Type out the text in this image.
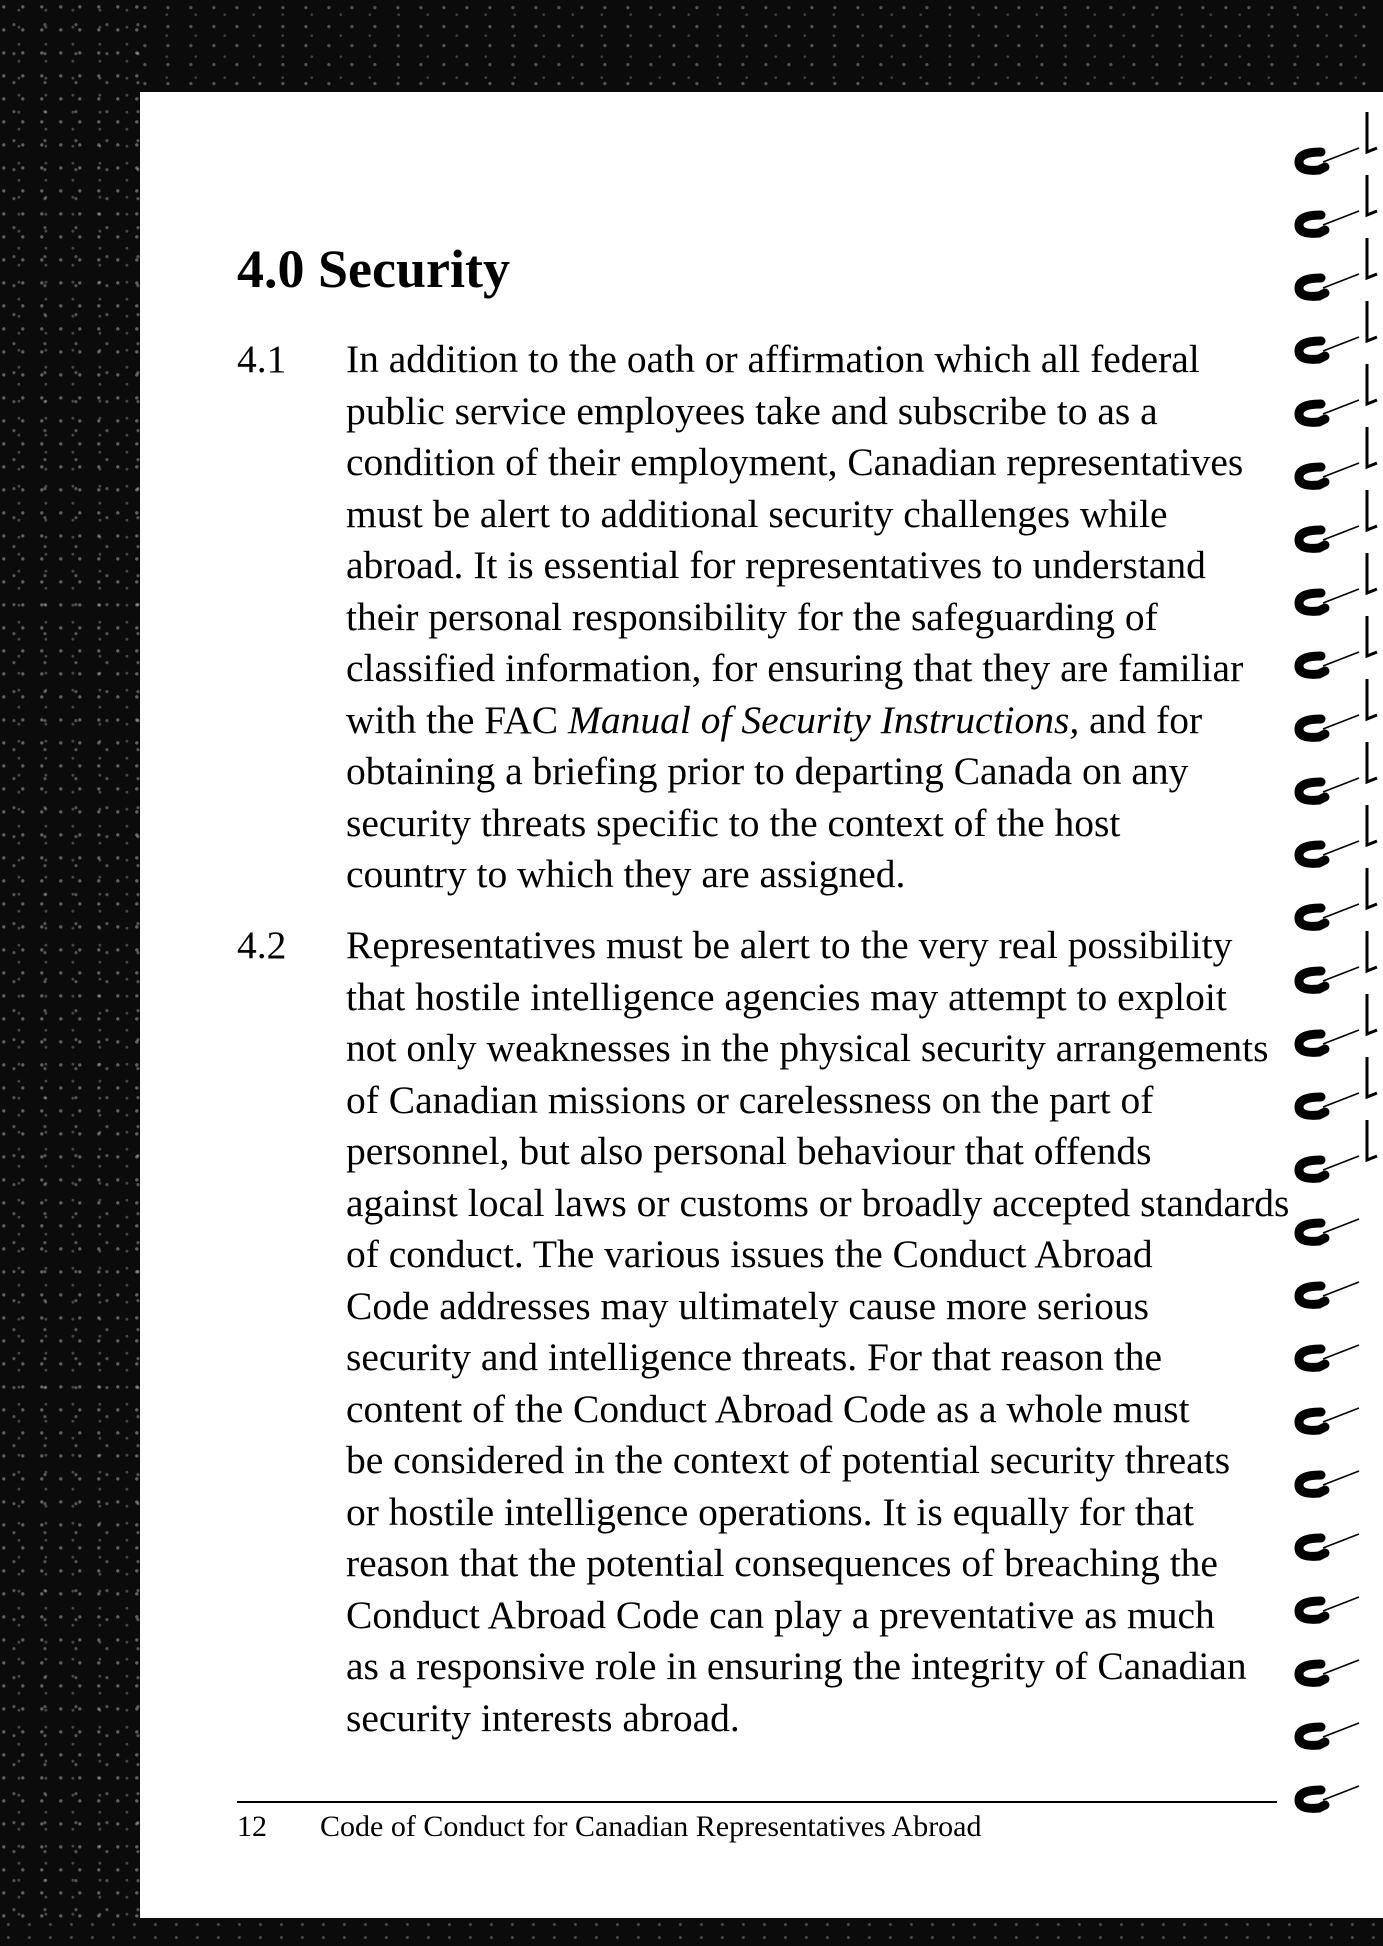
4.0 Security
4.1	In addition to the oath or affirmation which all federal
public service employees take and subscribe to as a
condition of their employment, Canadian representatives
must be alert to additional security challenges while
abroad. It is essential for representatives to understand
their personal responsibility for the safeguarding of
classified information, for ensuring that they are familiar
with the FAC Manual of Security Instructions, and for
obtaining a briefing prior to departing Canada on any
security threats specific to the context of the host
country to which they are assigned.
4.2	Representatives must be alert to the very real possibility
that hostile intelligence agencies may attempt to exploit
not only weaknesses in the physical security arrangements
of Canadian missions or carelessness on the part of
personnel, but also personal behaviour that offends
against local laws or customs or broadly accepted standards
of conduct. The various issues the Conduct Abroad
Code addresses may ultimately cause more serious
security and intelligence threats. For that reason the
content of the Conduct Abroad Code as a whole must
be considered in the context of potential security threats
or hostile intelligence operations. It is equally for that
reason that the potential consequences of breaching the
Conduct Abroad Code can play a preventative as much
as a responsive role in ensuring the integrity of Canadian
security interests abroad.
12 Code of Conduct for Canadian Representatives Abroad
